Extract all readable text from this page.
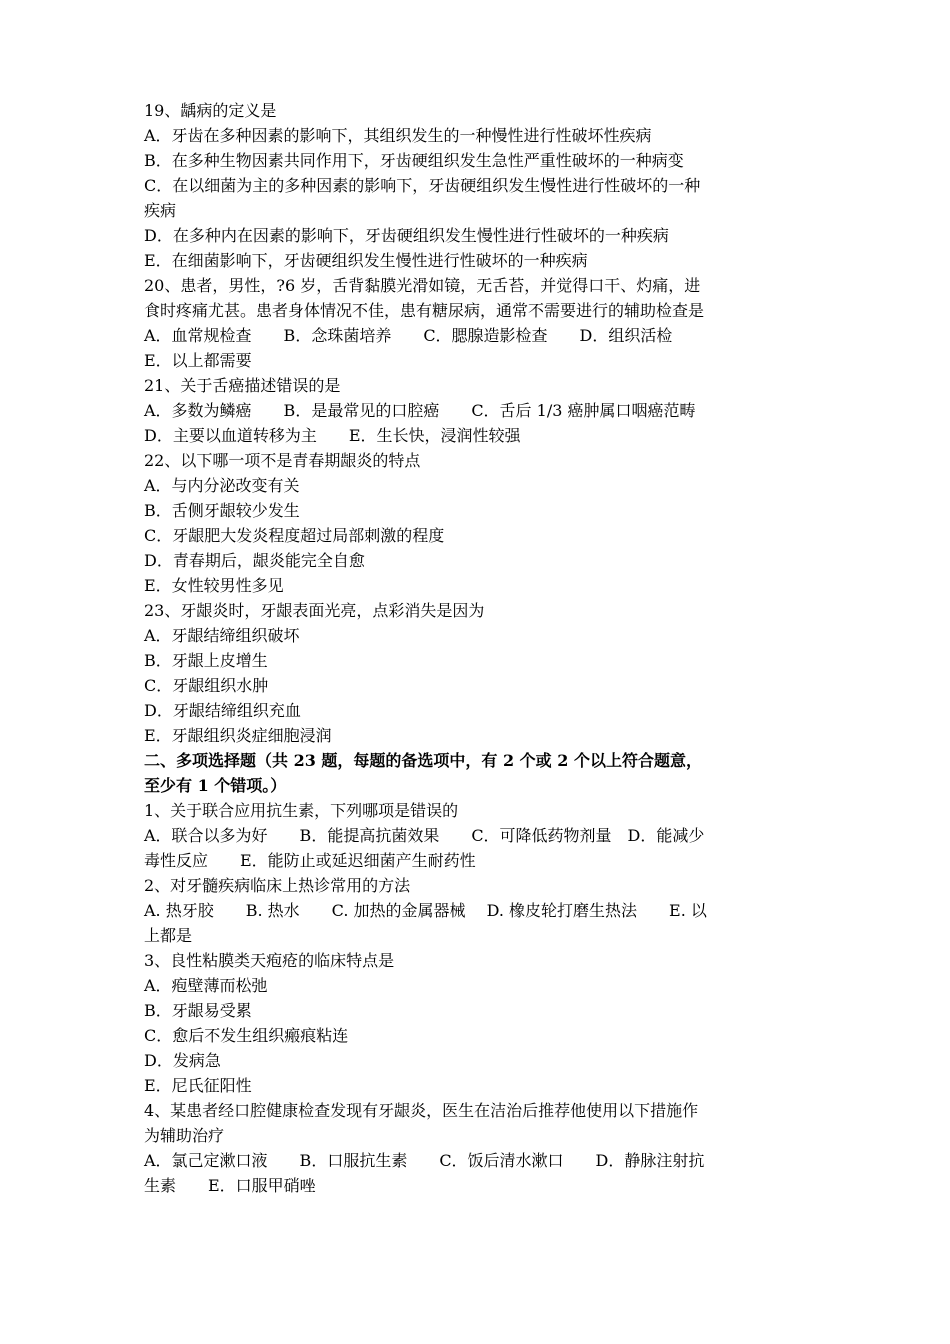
19、龋病的定义是
A．牙齿在多种因素的影响下，其组织发生的一种慢性进行性破坏性疾病
B．在多种生物因素共同作用下，牙齿硬组织发生急性严重性破坏的一种病变
C．在以细菌为主的多种因素的影响下，牙齿硬组织发生慢性进行性破坏的一种
疾病
D．在多种内在因素的影响下，牙齿硬组织发生慢性进行性破坏的一种疾病
E．在细菌影响下，牙齿硬组织发生慢性进行性破坏的一种疾病
20、患者，男性，?6 岁，舌背黏膜光滑如镜，无舌苔，并觉得口干、灼痛，进
食时疼痛尤甚。患者身体情况不佳，患有糖尿病，通常不需要进行的辅助检查是
A．血常规检查　　B．念珠菌培养　　C．腮腺造影检查　　D．组织活检
E．以上都需要
21、关于舌癌描述错误的是
A．多数为鳞癌　　B．是最常见的口腔癌　　C．舌后 1/3 癌肿属口咽癌范畴
D．主要以血道转移为主　　E．生长快，浸润性较强
22、以下哪一项不是青春期龈炎的特点
A．与内分泌改变有关
B．舌侧牙龈较少发生
C．牙龈肥大发炎程度超过局部刺激的程度
D．青春期后，龈炎能完全自愈
E．女性较男性多见
23、牙龈炎时，牙龈表面光亮，点彩消失是因为
A．牙龈结缔组织破坏
B．牙龈上皮增生
C．牙龈组织水肿
D．牙龈结缔组织充血
E．牙龈组织炎症细胞浸润
二、多项选择题（共 23 题，每题的备选项中，有 2 个或 2 个以上符合题意，
至少有 1 个错项。）
1、关于联合应用抗生素，下列哪项是错误的
A．联合以多为好　　B．能提高抗菌效果　　C．可降低药物剂量　D．能减少
毒性反应　　E．能防止或延迟细菌产生耐药性
2、对牙髓疾病临床上热诊常用的方法
A. 热牙胶　　B. 热水　　C. 加热的金属器械　 D. 橡皮轮打磨生热法　　E. 以
上都是
3、良性粘膜类天疱疮的临床特点是
A．疱壁薄而松弛
B．牙龈易受累
C．愈后不发生组织瘢痕粘连
D．发病急
E．尼氏征阳性
4、某患者经口腔健康检查发现有牙龈炎，医生在洁治后推荐他使用以下措施作
为辅助治疗
A．氯己定漱口液　　B．口服抗生素　　C．饭后清水漱口　　D．静脉注射抗
生素　　E．口服甲硝唑
